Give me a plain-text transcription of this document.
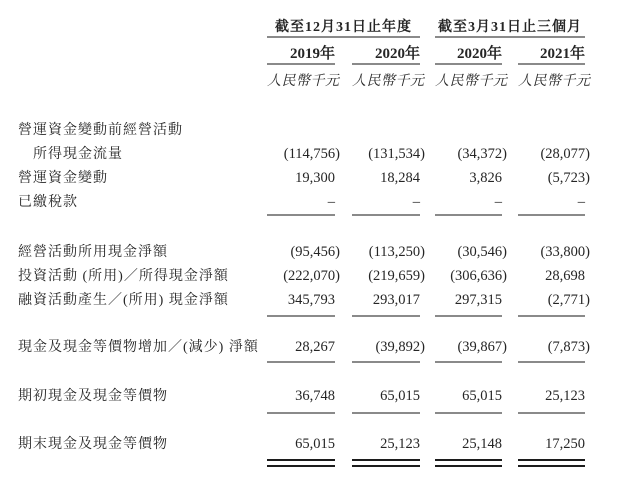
截至12月31日止年度	截至3月31日止三個月
2019年	2020年	2020年	2021年
人民幣千元 人民幣千元 人民幣千元 人民幣千元
營運資金變動前經營活動
所得現金流量	(114,756)	(131,534)	(34,372)	(28,077)
營運資金變動	19,300	18,284	3,826	(5,723)
已繳稅款	–	–	–	–
經營活動所用現金淨額	(95,456)	(113,250)	(30,546)	(33,800)
投資活動 (所用)／所得現金淨額	(222,070)	(219,659)	(306,636)	28,698
融資活動產生／(所用) 現金淨額	345,793	293,017	297,315	(2,771)
現金及現金等價物增加／(減少) 淨額	28,267	(39,892)	(39,867)	(7,873)
期初現金及現金等價物	36,748	65,015	65,015	25,123
期末現金及現金等價物	65,015	25,123	25,148	17,250
